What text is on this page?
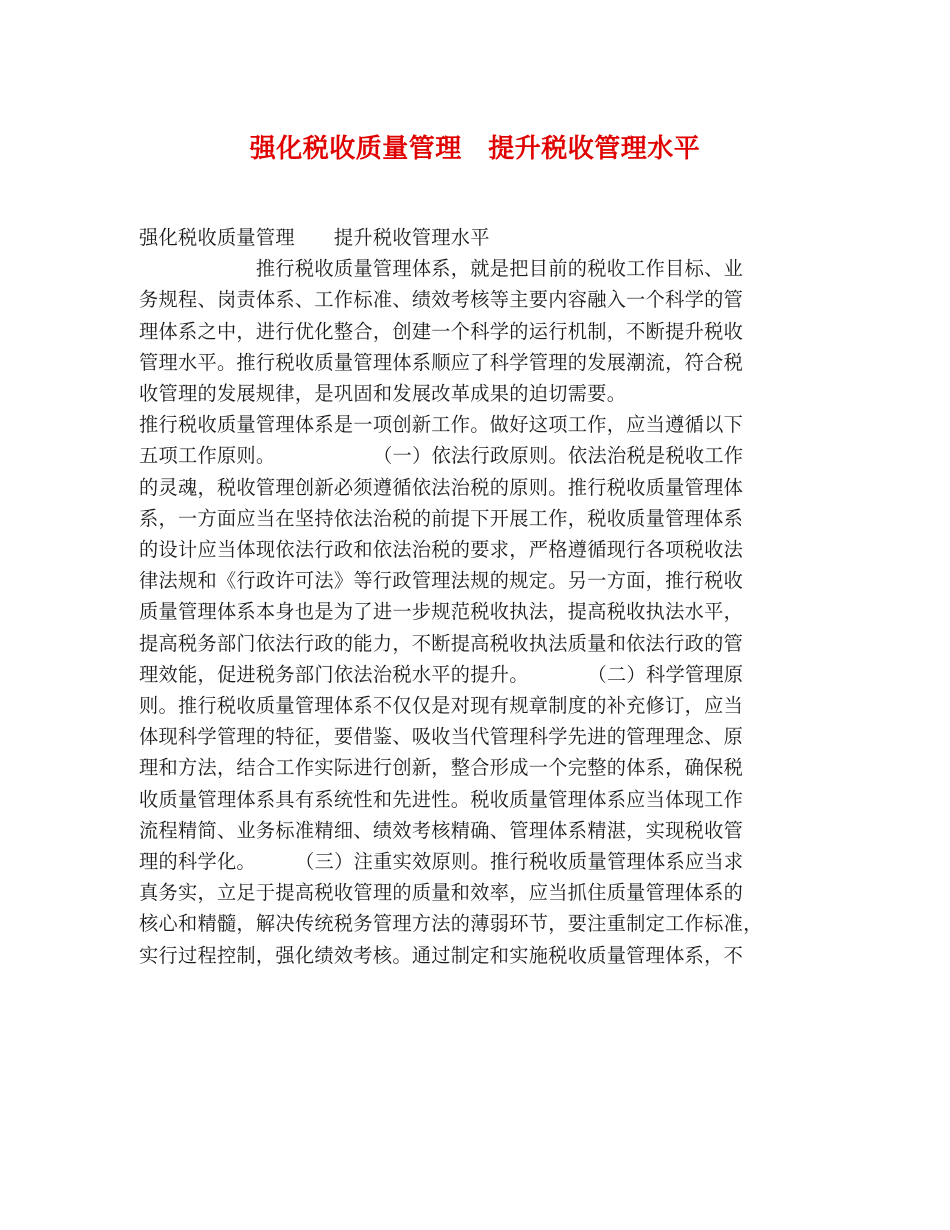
强化税收质量管理　提升税收管理水平
强化税收质量管理　　提升税收管理水平
　　　　　　推行税收质量管理体系，就是把目前的税收工作目标、业
务规程、岗责体系、工作标准、绩效考核等主要内容融入一个科学的管
理体系之中，进行优化整合，创建一个科学的运行机制，不断提升税收
管理水平。推行税收质量管理体系顺应了科学管理的发展潮流，符合税
收管理的发展规律，是巩固和发展改革成果的迫切需要。
推行税收质量管理体系是一项创新工作。做好这项工作，应当遵循以下
五项工作原则。　　　　　　（一）依法行政原则。依法治税是税收工作
的灵魂，税收管理创新必须遵循依法治税的原则。推行税收质量管理体
系，一方面应当在坚持依法治税的前提下开展工作，税收质量管理体系
的设计应当体现依法行政和依法治税的要求，严格遵循现行各项税收法
律法规和《行政许可法》等行政管理法规的规定。另一方面，推行税收
质量管理体系本身也是为了进一步规范税收执法，提高税收执法水平，
提高税务部门依法行政的能力，不断提高税收执法质量和依法行政的管
理效能，促进税务部门依法治税水平的提升。　　　　（二）科学管理原
则。推行税收质量管理体系不仅仅是对现有规章制度的补充修订，应当
体现科学管理的特征，要借鉴、吸收当代管理科学先进的管理理念、原
理和方法，结合工作实际进行创新，整合形成一个完整的体系，确保税
收质量管理体系具有系统性和先进性。税收质量管理体系应当体现工作
流程精简、业务标准精细、绩效考核精确、管理体系精湛，实现税收管
理的科学化。　　　（三）注重实效原则。推行税收质量管理体系应当求
真务实，立足于提高税收管理的质量和效率，应当抓住质量管理体系的
核心和精髓，解决传统税务管理方法的薄弱环节，要注重制定工作标准，
实行过程控制，强化绩效考核。通过制定和实施税收质量管理体系，不
